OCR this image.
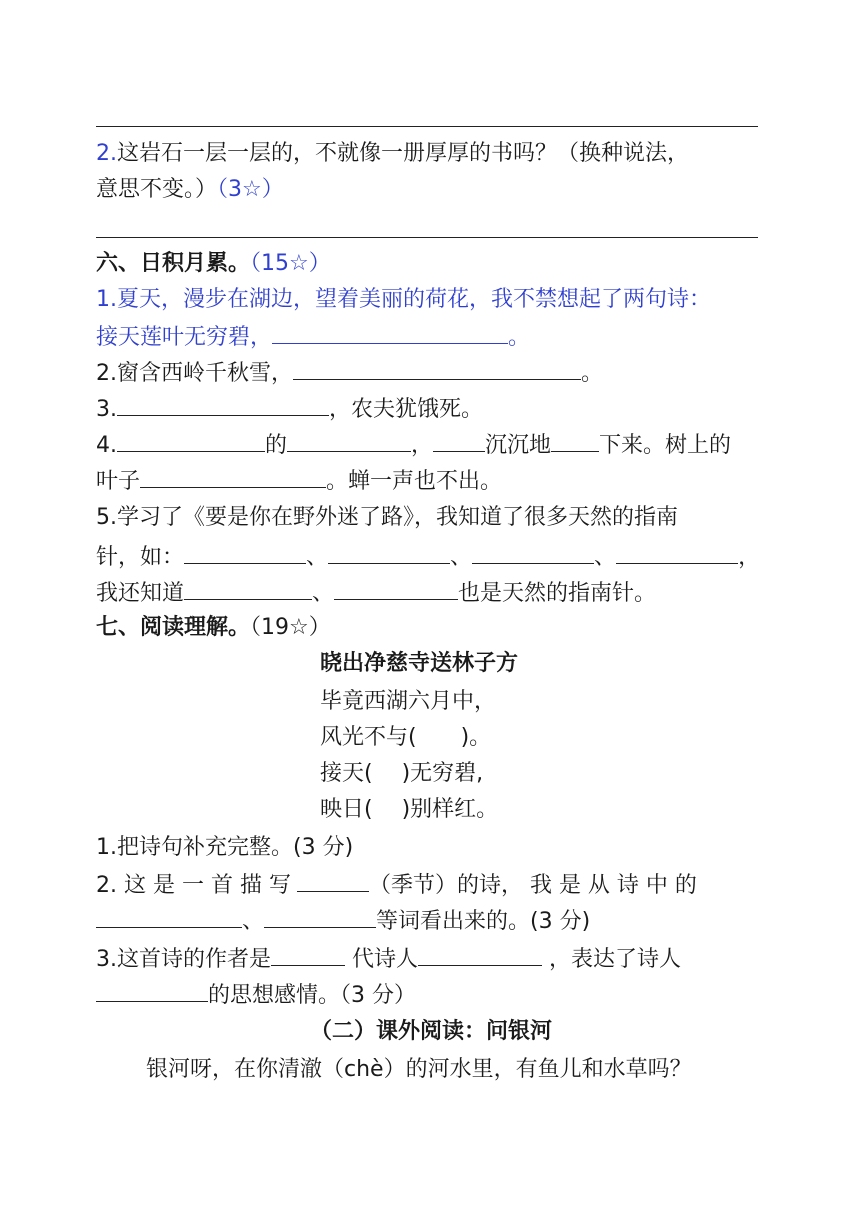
2.这岩石一层一层的，不就像一册厚厚的书吗？（换种说法，
意思不变。）（3☆）
六、日积月累。（15☆）
1.夏天，漫步在湖边，望着美丽的荷花，我不禁想起了两句诗：
接天莲叶无穷碧，	。
2.窗含西岭千秋雪，	。
3.	，农夫犹饿死。
4.	的	， 沉沉地 下来。树上的
叶子	。蝉一声也不出。
5.学习了《要是你在野外迷了路》，我知道了很多天然的指南
针，如：	、	、	、	，
我还知道	、	也是天然的指南针。
七、阅读理解。（19☆）
晓出净慈寺送林子方
毕竟西湖六月中，
风光不与(　　)。
接天(　 )无穷碧,
映日(　 )别样红。
1.把诗句补充完整。(3 分)
2. 这 是 一 首 描 写	（季节）的诗， 我 是 从 诗 中 的
、	等词看出来的。(3 分)
3.这首诗的作者是	代诗人	，表达了诗人
的思想感情。（3 分）
（二）课外阅读：问银河
银河呀，在你清澈（chè）的河水里，有鱼儿和水草吗？
